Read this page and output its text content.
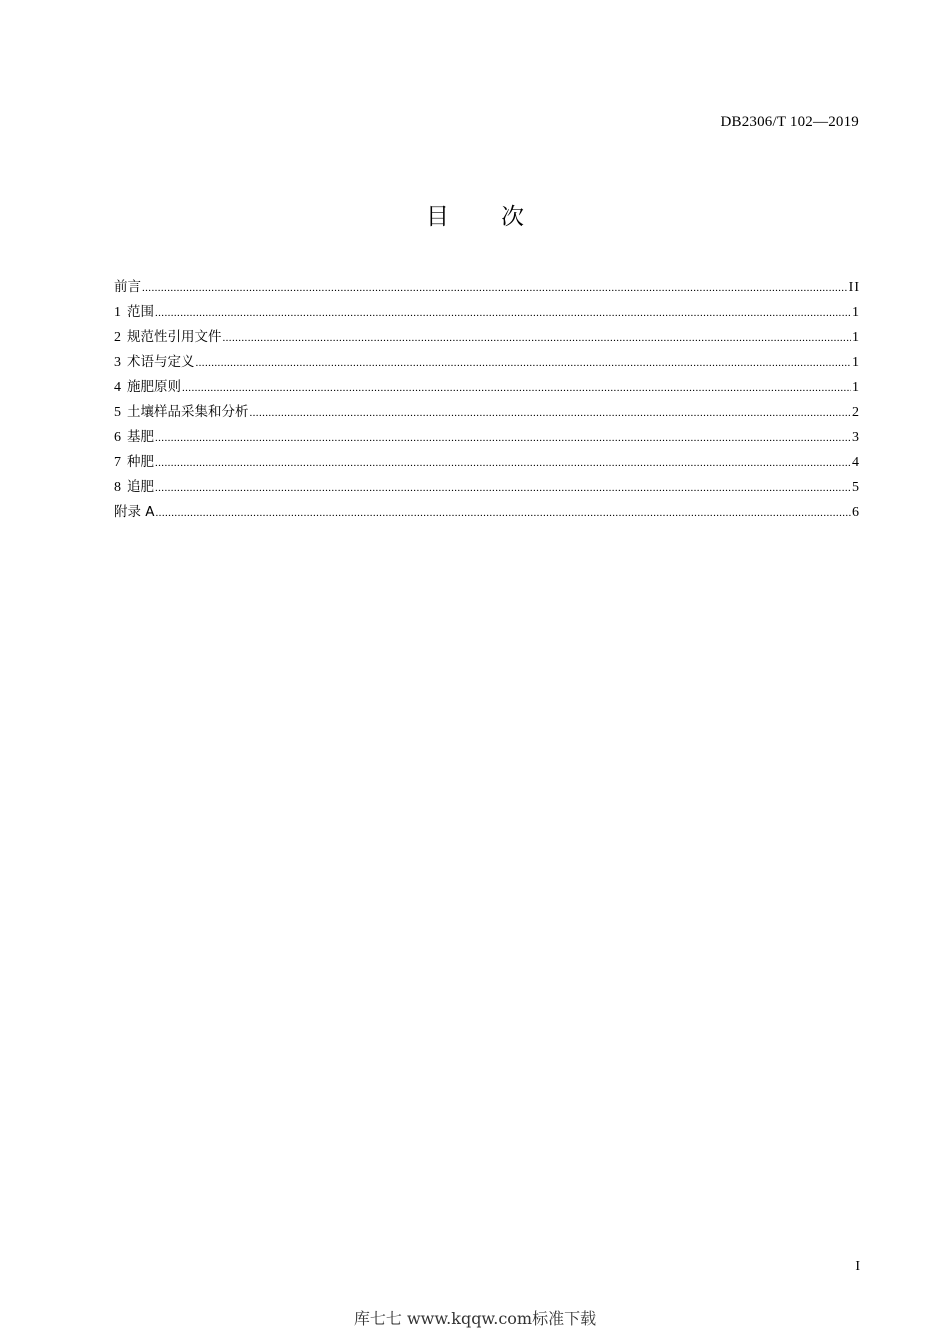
DB2306/T 102—2019
目 次
前言 .....	II
1 范围 .....	1
2 规范性引用文件 .....	1
3 术语与定义 .....	1
4 施肥原则 .....	1
5 土壤样品采集和分析 .....	2
6 基肥 .....	3
7 种肥 .....	4
8 追肥 .....	5
附录 A .....	6
I
库七七 www.kqqw.com标准下载
